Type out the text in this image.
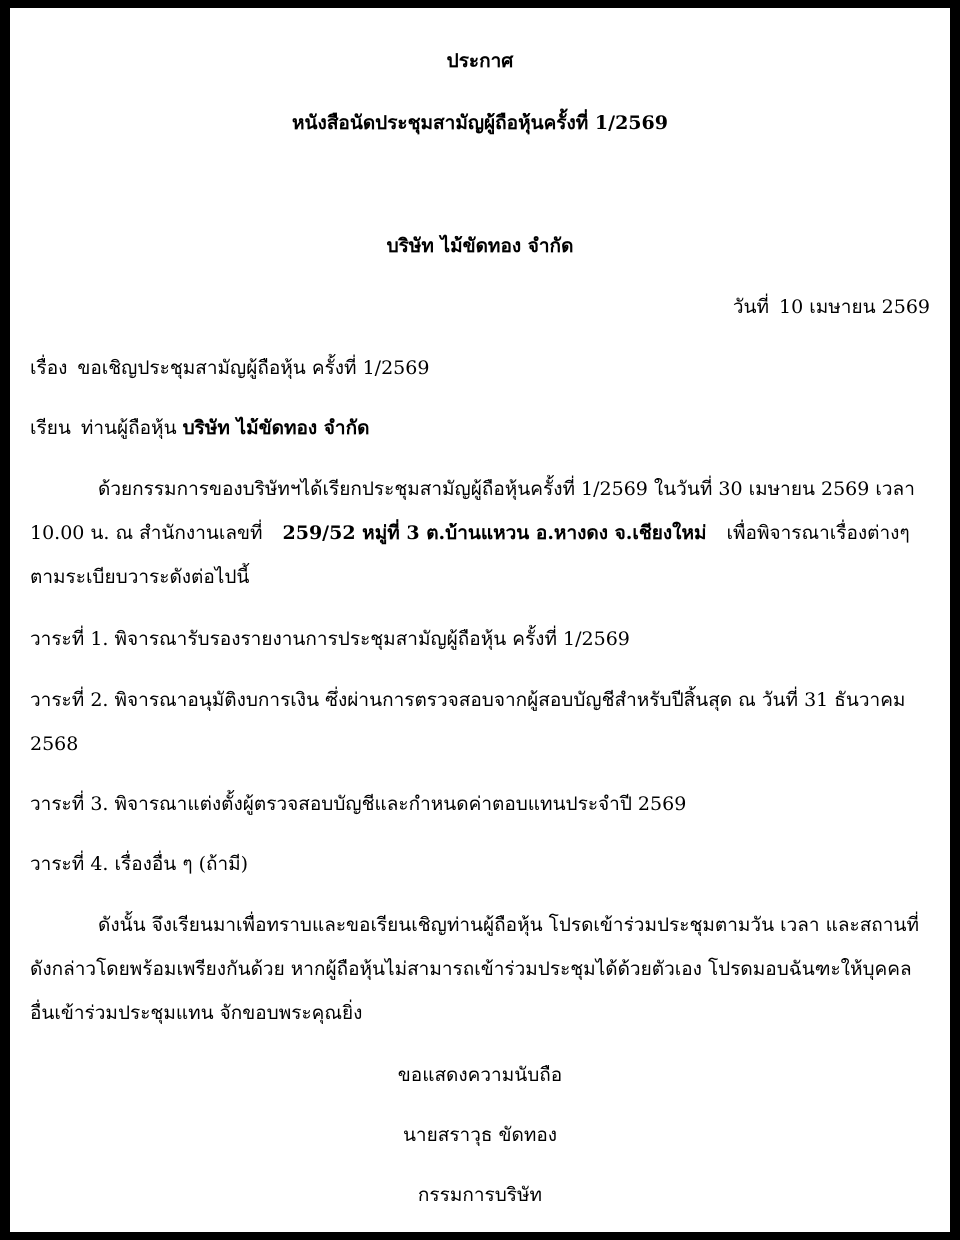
ประกาศ
หนังสือนัดประชุมสามัญผู้ถือหุ้นครั้งที่ 1/2569
บริษัท ไม้ขัดทอง จำกัด
วันที่ 10 เมษายน 2569
เรื่อง ขอเชิญประชุมสามัญผู้ถือหุ้น ครั้งที่ 1/2569
เรียน ท่านผู้ถือหุ้น บริษัท ไม้ขัดทอง จำกัด
ด้วยกรรมการของบริษัทฯได้เรียกประชุมสามัญผู้ถือหุ้นครั้งที่ 1/2569 ในวันที่ 30 เมษายน 2569 เวลา
10.00 น. ณ สำนักงานเลขที่ 259/52 หมู่ที่ 3 ต.บ้านแหวน อ.หางดง จ.เชียงใหม่ เพื่อพิจารณาเรื่องต่างๆ
ตามระเบียบวาระดังต่อไปนี้
วาระที่ 1. พิจารณารับรองรายงานการประชุมสามัญผู้ถือหุ้น ครั้งที่ 1/2569
วาระที่ 2. พิจารณาอนุมัติงบการเงิน ซึ่งผ่านการตรวจสอบจากผู้สอบบัญชีสำหรับปีสิ้นสุด ณ วันที่ 31 ธันวาคม
2568
วาระที่ 3. พิจารณาแต่งตั้งผู้ตรวจสอบบัญชีและกำหนดค่าตอบแทนประจำปี 2569
วาระที่ 4. เรื่องอื่น ๆ (ถ้ามี)
ดังนั้น จึงเรียนมาเพื่อทราบและขอเรียนเชิญท่านผู้ถือหุ้น โปรดเข้าร่วมประชุมตามวัน เวลา และสถานที่
ดังกล่าวโดยพร้อมเพรียงกันด้วย หากผู้ถือหุ้นไม่สามารถเข้าร่วมประชุมได้ด้วยตัวเอง โปรดมอบฉันฑะให้บุคคล
อื่นเข้าร่วมประชุมแทน จักขอบพระคุณยิ่ง
ขอแสดงความนับถือ
นายสราวุธ ขัดทอง
กรรมการบริษัท
